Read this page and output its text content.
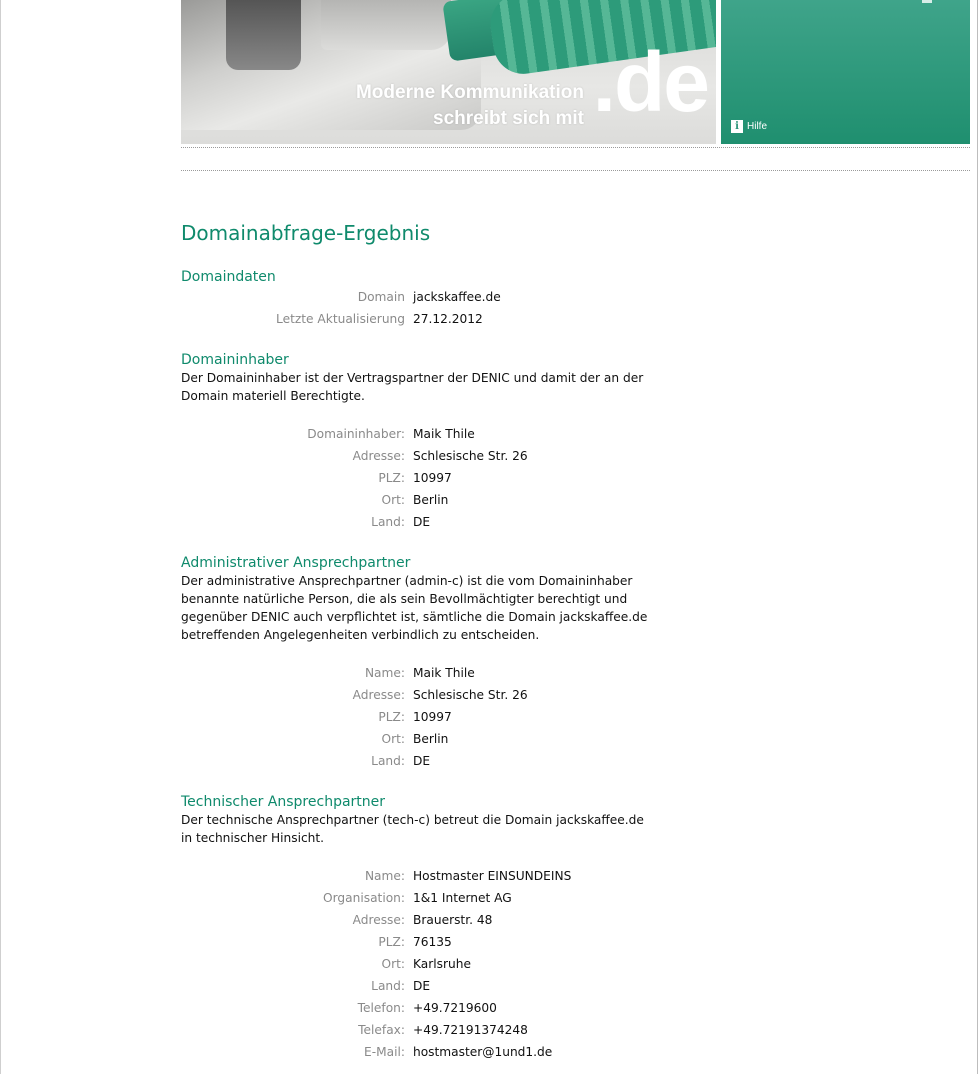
Moderne Kommunikation
schreibt sich mit .de	i Hilfe
Domainabfrage-Ergebnis
Domaindaten
Domain jackskaffee.de
Letzte Aktualisierung 27.12.2012
Domaininhaber

Der Domaininhaber ist der Vertragspartner der DENIC und damit der an der Domain materiell Berechtigte.

Domaininhaber: Maik Thile
Adresse: Schlesische Str. 26
PLZ: 10997
Ort: Berlin
Land: DE
Administrativer Ansprechpartner

Der administrative Ansprechpartner (admin-c) ist die vom Domaininhaber benannte natürliche Person, die als sein Bevollmächtigter berechtigt und gegenüber DENIC auch verpflichtet ist, sämtliche die Domain jackskaffee.de betreffenden Angelegenheiten verbindlich zu entscheiden.

Name: Maik Thile
Adresse: Schlesische Str. 26
PLZ: 10997
Ort: Berlin
Land: DE
Technischer Ansprechpartner

Der technische Ansprechpartner (tech-c) betreut die Domain jackskaffee.de in technischer Hinsicht.

Name: Hostmaster EINSUNDEINS
Organisation: 1&1 Internet AG
Adresse: Brauerstr. 48
PLZ: 76135
Ort: Karlsruhe
Land: DE
Telefon: +49.7219600
Telefax: +49.72191374248
E-Mail: hostmaster@1und1.de
